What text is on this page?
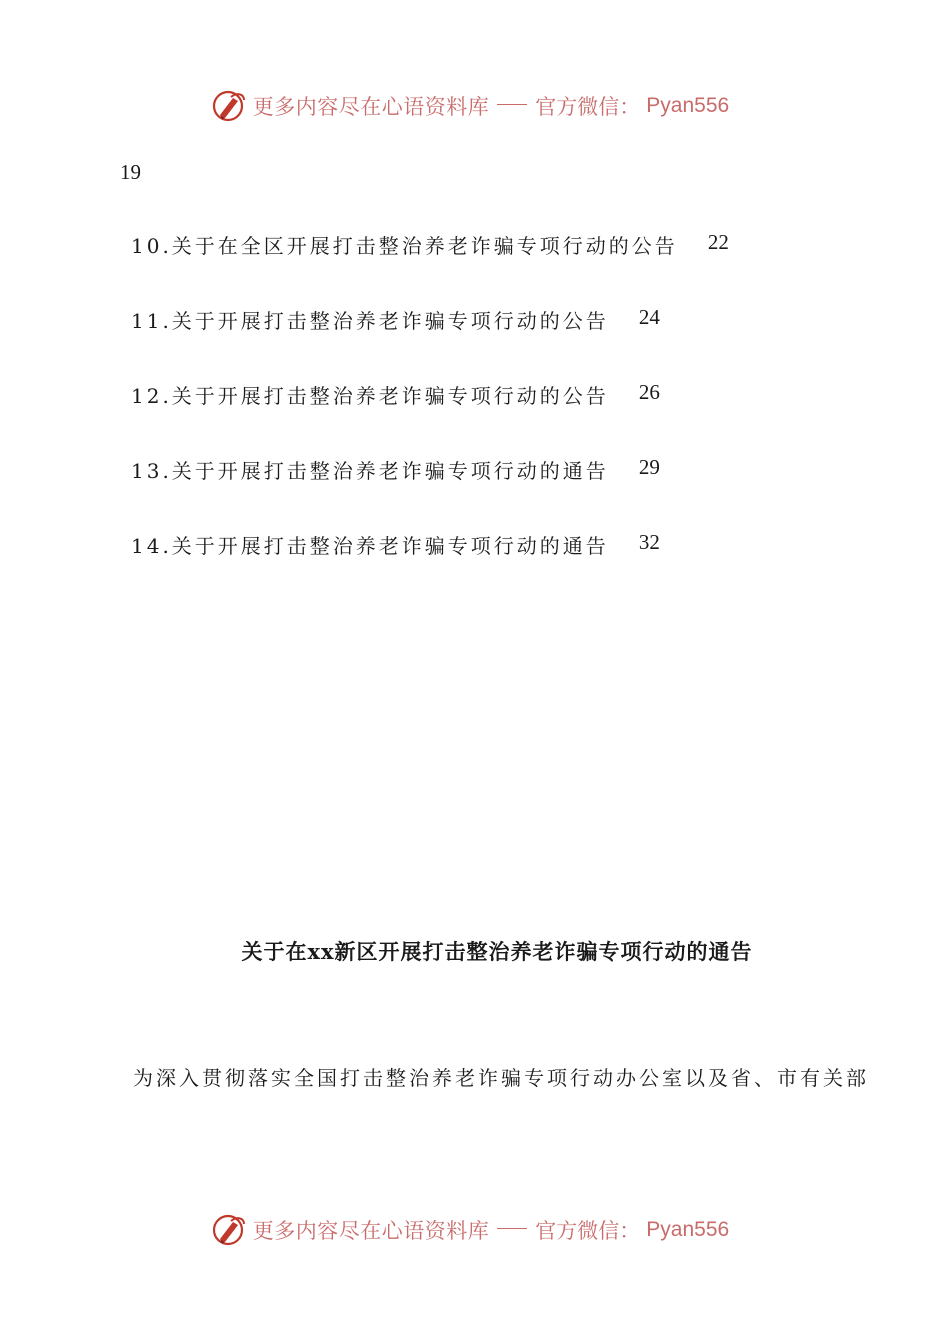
更多内容尽在心语资料库 官方微信： Pyan556
19
10.关于在全区开展打击整治养老诈骗专项行动的公告 22
11.关于开展打击整治养老诈骗专项行动的公告 24
12.关于开展打击整治养老诈骗专项行动的公告 26
13.关于开展打击整治养老诈骗专项行动的通告 29
14.关于开展打击整治养老诈骗专项行动的通告 32
关于在xx新区开展打击整治养老诈骗专项行动的通告
为深入贯彻落实全国打击整治养老诈骗专项行动办公室以及省、市有关部
更多内容尽在心语资料库 官方微信： Pyan556
